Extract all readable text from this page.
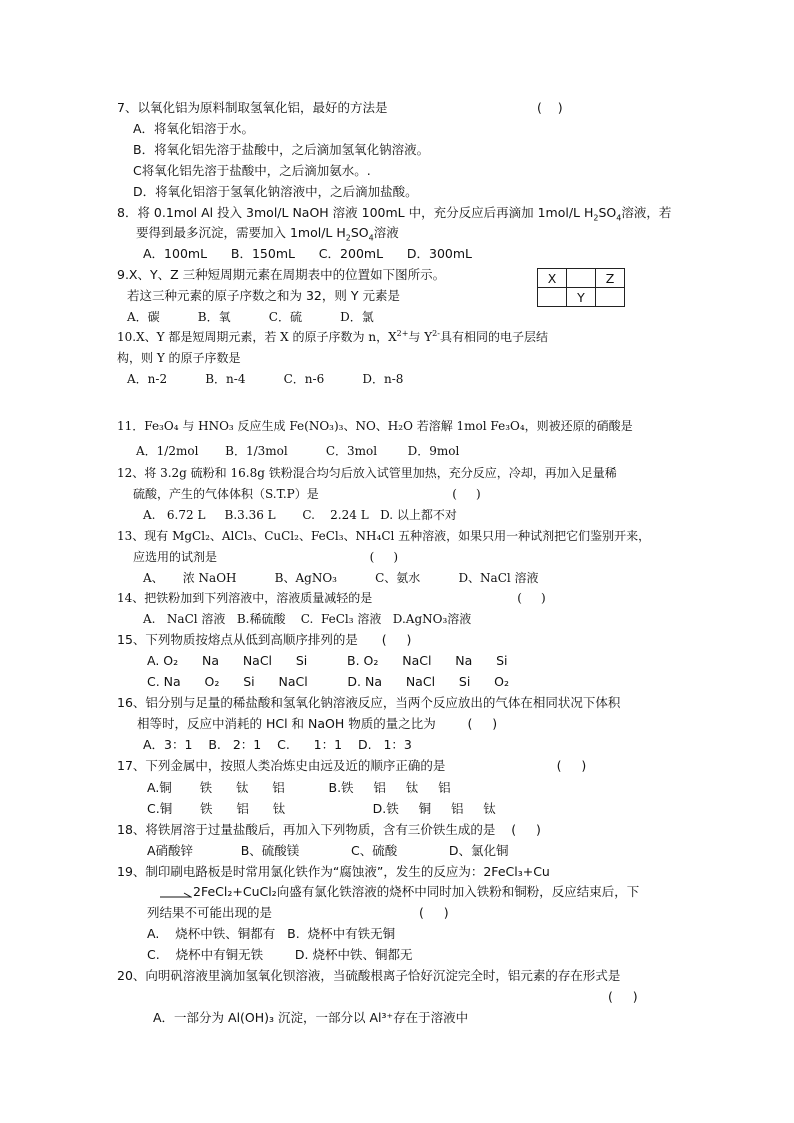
7、以氧化铝为原料制取氢氧化铝，最好的方法是	(    )
A．将氧化铝溶于水。
B．将氧化铝先溶于盐酸中，之后滴加氢氧化钠溶液。
C将氧化铝先溶于盐酸中，之后滴加氨水。.
D．将氧化铝溶于氢氧化钠溶液中，之后滴加盐酸。
8．将 0.1mol Al 投入 3mol/L NaOH 溶液 100mL 中，充分反应后再滴加 1mol/L $H_2SO_4$溶液，若
要得到最多沉淀，需要加入 1mol/L $H_2SO_4$溶液
A．100mL      B．150mL      C．200mL      D．300mL
9.X、Y、Z 三种短周期元素在周期表中的位置如下图所示。
若这三种元素的原子序数之和为 32，则 Y 元素是
A．碳          B．氧          C．硫          D．氯
X		Z
	Y	
10.X、Y 都是短周期元素，若 X 的原子序数为 n，$X^{2+}$与 $Y^{2-}$具有相同的电子层结
构，则 Y 的原子序数是
A．n-2          B．n-4          C．n-6          D．n-8
11．Fe₃O₄ 与 HNO₃ 反应生成 Fe(NO₃)₃、NO、H₂O 若溶解 1mol Fe₃O₄，则被还原的硝酸是
A．1/2mol       B．1/3mol          C．3mol        D．9mol
12、将 3.2g 硫粉和 16.8g 铁粉混合均匀后放入试管里加热，充分反应，冷却，再加入足量稀
硫酸，产生的气体体积（S.T.P）是                                   (     )
A.   6.72 L     B.3.36 L       C.    2.24 L   D. 以上都不对
13、现有 MgCl₂、AlCl₃、CuCl₂、FeCl₃、NH₄Cl 五种溶液，如果只用一种试剂把它们鉴别开来，
应选用的试剂是                                        (     )
A、     浓 NaOH          B、AgNO₃          C、氨水          D、NaCl 溶液
14、把铁粉加到下列溶液中，溶液质量减轻的是                                      (     )
A.   NaCl 溶液   B.稀硫酸    C.  FeCl₃ 溶液   D.AgNO₃溶液
15、下列物质按熔点从低到高顺序排列的是      (     )
A. O₂      Na      NaCl      Si          B. O₂      NaCl      Na      Si
C. Na      O₂      Si      NaCl          D. Na      NaCl      Si      O₂
16、铝分别与足量的稀盐酸和氢氧化钠溶液反应，当两个反应放出的气体在相同状况下体积
相等时，反应中消耗的 HCl 和 NaOH 物质的量之比为        (     )
A．3：1    B.   2：1    C.      1：1    D.   1：3
17、下列金属中，按照人类冶炼史由远及近的顺序正确的是                            (     )
A.铜       铁      钛      铝           B.铁     铝     钛     铝
C.铜       铁      铝      钛                      D.铁     铜     铝     钛
18、将铁屑溶于过量盐酸后，再加入下列物质，含有三价铁生成的是    (     )
A硝酸锌            B、硫酸镁             C、硫酸             D、氯化铜
19、制印刷电路板是时常用氯化铁作为“腐蚀液”，发生的反应为：2FeCl₃+Cu
→ 2FeCl₂+CuCl₂向盛有氯化铁溶液的烧杯中同时加入铁粉和铜粉，反应结束后，下
列结果不可能出现的是                                     (     )
A.    烧杯中铁、铜都有   B.  烧杯中有铁无铜
C.    烧杯中有铜无铁        D. 烧杯中铁、铜都无
20、向明矾溶液里滴加氢氧化钡溶液，当硫酸根离子恰好沉淀完全时，铝元素的存在形式是
(     )
A．一部分为 Al(OH)₃ 沉淀，一部分以 Al³⁺存在于溶液中
